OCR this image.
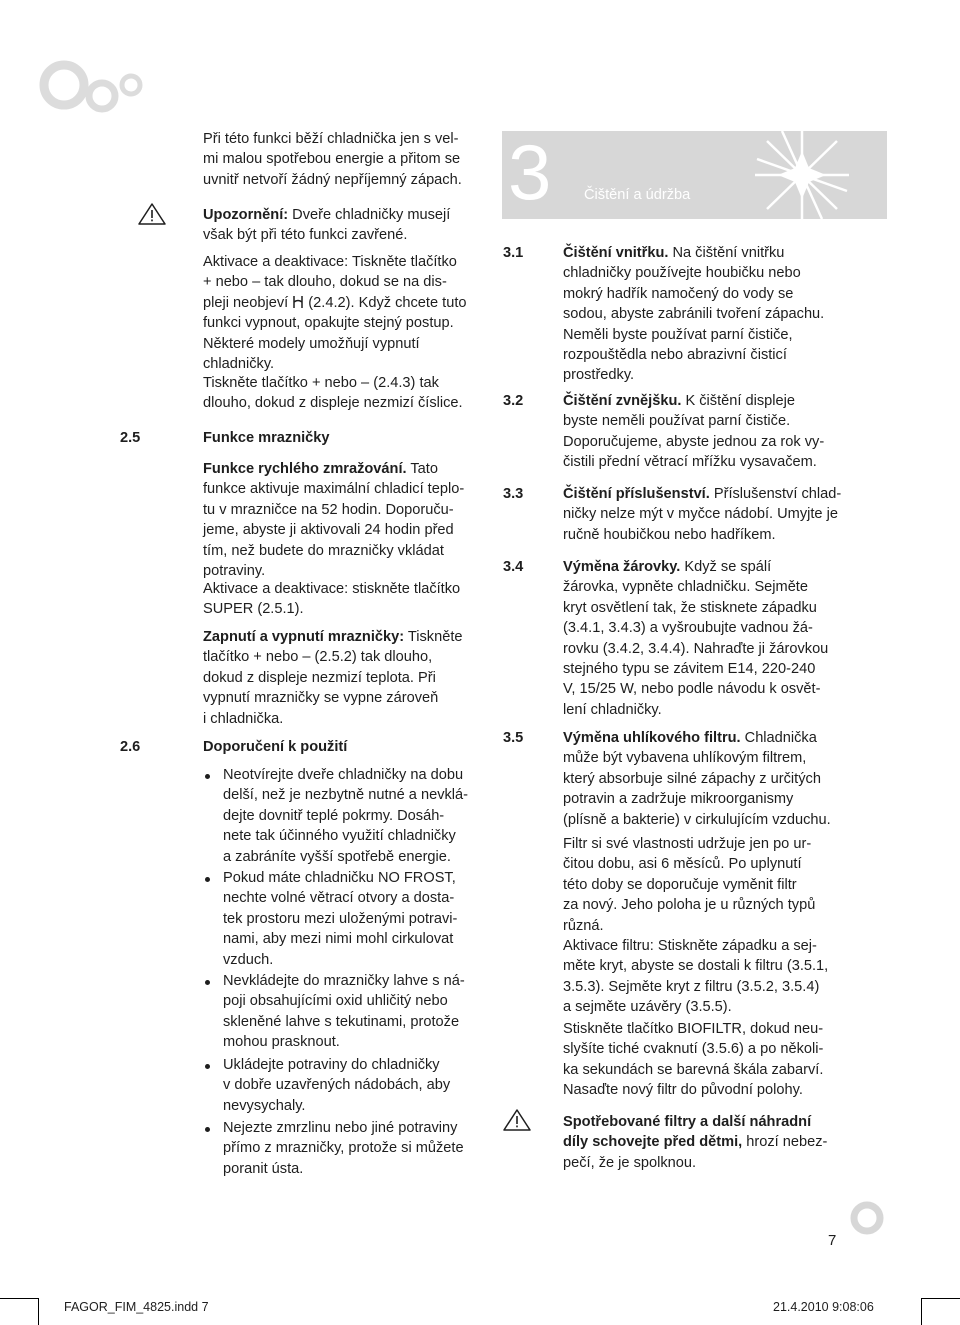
Při této funkci běží chladnička jen s vel-
mi malou spotřebou energie a přitom se
uvnitř netvoří žádný nepříjemný zápach.
Upozornění: Dveře chladničky musejí
však být při této funkci zavřené.
Aktivace a deaktivace: Tiskněte tlačítko
+ nebo – tak dlouho, dokud se na dis-
pleji neobjeví  (2.4.2). Když chcete tuto
funkci vypnout, opakujte stejný postup.
Některé modely umožňují vypnutí
chladničky.
Tiskněte tlačítko + nebo – (2.4.3) tak
dlouho, dokud z displeje nezmizí číslice.
2.5	Funkce mrazničky
Funkce rychlého zmražování. Tato
funkce aktivuje maximální chladicí teplo-
tu v mrazničce na 52 hodin. Doporuču-
jeme, abyste ji aktivovali 24 hodin před
tím, než budete do mrazničky vkládat
potraviny.
Aktivace a deaktivace: stiskněte tlačítko
SUPER (2.5.1).
Zapnutí a vypnutí mrazničky: Tiskněte
tlačítko + nebo – (2.5.2) tak dlouho,
dokud z displeje nezmizí teplota. Při
vypnutí mrazničky se vypne zároveň
i chladnička.
2.6	Doporučení k použití
Neotvírejte dveře chladničky na dobu
delší, než je nezbytně nutné a nevklá-
dejte dovnitř teplé pokrmy. Dosáh-
nete tak účinného využití chladničky
a zabráníte vyšší spotřebě energie.
Pokud máte chladničku NO FROST,
nechte volné větrací otvory a dosta-
tek prostoru mezi uloženými potravi-
nami, aby mezi nimi mohl cirkulovat
vzduch.
Nevkládejte do mrazničky lahve s ná-
poji obsahujícími oxid uhličitý nebo
skleněné lahve s tekutinami, protože
mohou prasknout.
Ukládejte potraviny do chladničky
v dobře uzavřených nádobách, aby
nevysychaly.
Nejezte zmrzlinu nebo jiné potraviny
přímo z mrazničky, protože si můžete
poranit ústa.
3 Čištění a údržba
3.1	Čištění vnitřku. Na čištění vnitřku
chladničky používejte houbičku nebo
mokrý hadřík namočený do vody se
sodou, abyste zabránili tvoření zápachu.
Neměli byste používat parní čističe,
rozpouštědla nebo abrazivní čisticí
prostředky.
3.2	Čištění zvnějšku. K čištění displeje
byste neměli používat parní čističe.
Doporučujeme, abyste jednou za rok vy-
čistili přední větrací mřížku vysavačem.
3.3	Čištění příslušenství. Příslušenství chlad-
ničky nelze mýt v myčce nádobí. Umyjte je
ručně houbičkou nebo hadříkem.
3.4	Výměna žárovky. Když se spálí
žárovka, vypněte chladničku. Sejměte
kryt osvětlení tak, že stisknete západku
(3.4.1, 3.4.3) a vyšroubujte vadnou žá-
rovku (3.4.2, 3.4.4). Nahraďte ji žárovkou
stejného typu se závitem E14, 220-240
V, 15/25 W, nebo podle návodu k osvět-
lení chladničky.
3.5	Výměna uhlíkového filtru. Chladnička
může být vybavena uhlíkovým filtrem,
který absorbuje silné zápachy z určitých
potravin a zadržuje mikroorganismy
(plísně a bakterie) v cirkulujícím vzduchu.
Filtr si své vlastnosti udržuje jen po ur-
čitou dobu, asi 6 měsíců. Po uplynutí
této doby se doporučuje vyměnit filtr
za nový. Jeho poloha je u různých typů
různá.
Aktivace filtru: Stiskněte západku a sej-
měte kryt, abyste se dostali k filtru (3.5.1,
3.5.3). Sejměte kryt z filtru (3.5.2, 3.5.4)
a sejměte uzávěry (3.5.5).
Stiskněte tlačítko BIOFILTR, dokud neu-
slyšíte tiché cvaknutí (3.5.6) a po několi-
ka sekundách se barevná škála zabarví.
Nasaďte nový filtr do původní polohy.
Spotřebované filtry a další náhradní
díly schovejte před dětmi, hrozí nebez-
pečí, že je spolknou.
7
FAGOR_FIM_4825.indd 7	21.4.2010 9:08:06
